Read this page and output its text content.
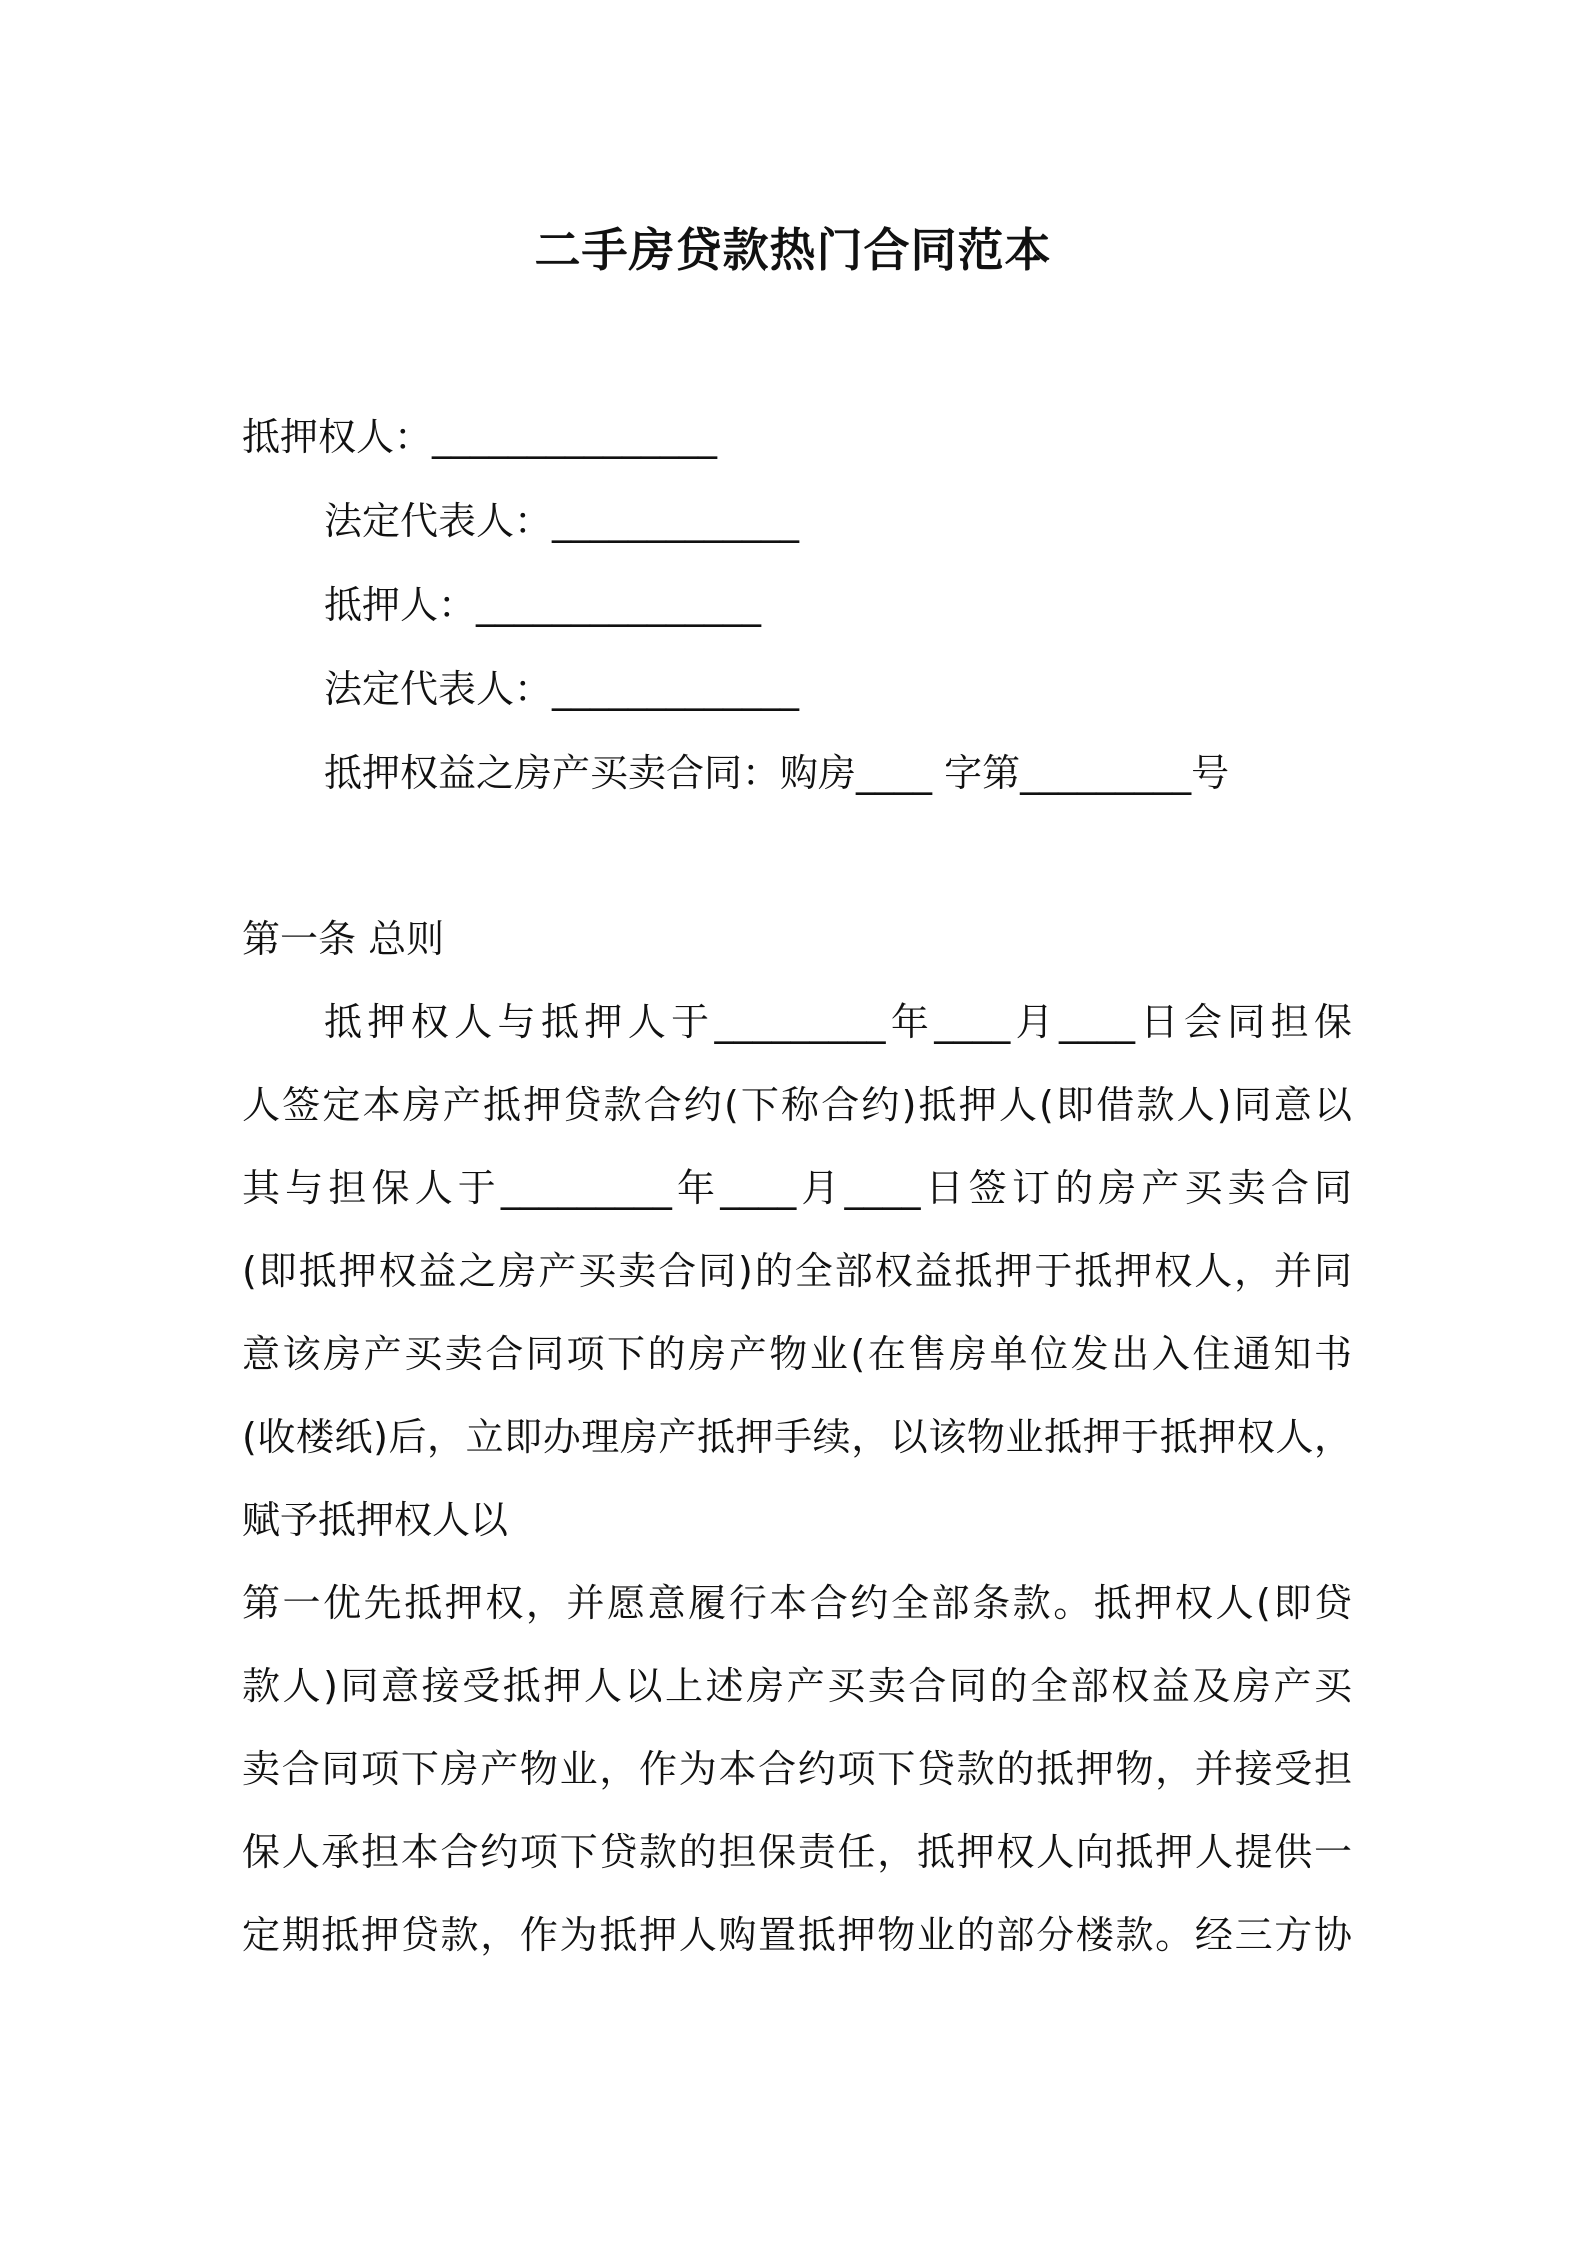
二手房贷款热门合同范本
抵押权人：_______________
法定代表人：_____________
抵押人：_______________
法定代表人：_____________
抵押权益之房产买卖合同：购房____ 字第_________号
第一条 总则
抵押权人与抵押人于_________年____月____日会同担保
人签定本房产抵押贷款合约(下称合约)抵押人(即借款人)同意以
其与担保人于_________年____月____日签订的房产买卖合同
(即抵押权益之房产买卖合同)的全部权益抵押于抵押权人，并同
意该房产买卖合同项下的房产物业(在售房单位发出入住通知书
(收楼纸)后，立即办理房产抵押手续，以该物业抵押于抵押权人，
赋予抵押权人以
第一优先抵押权，并愿意履行本合约全部条款。抵押权人(即贷
款人)同意接受抵押人以上述房产买卖合同的全部权益及房产买
卖合同项下房产物业，作为本合约项下贷款的抵押物，并接受担
保人承担本合约项下贷款的担保责任，抵押权人向抵押人提供一
定期抵押贷款，作为抵押人购置抵押物业的部分楼款。经三方协
